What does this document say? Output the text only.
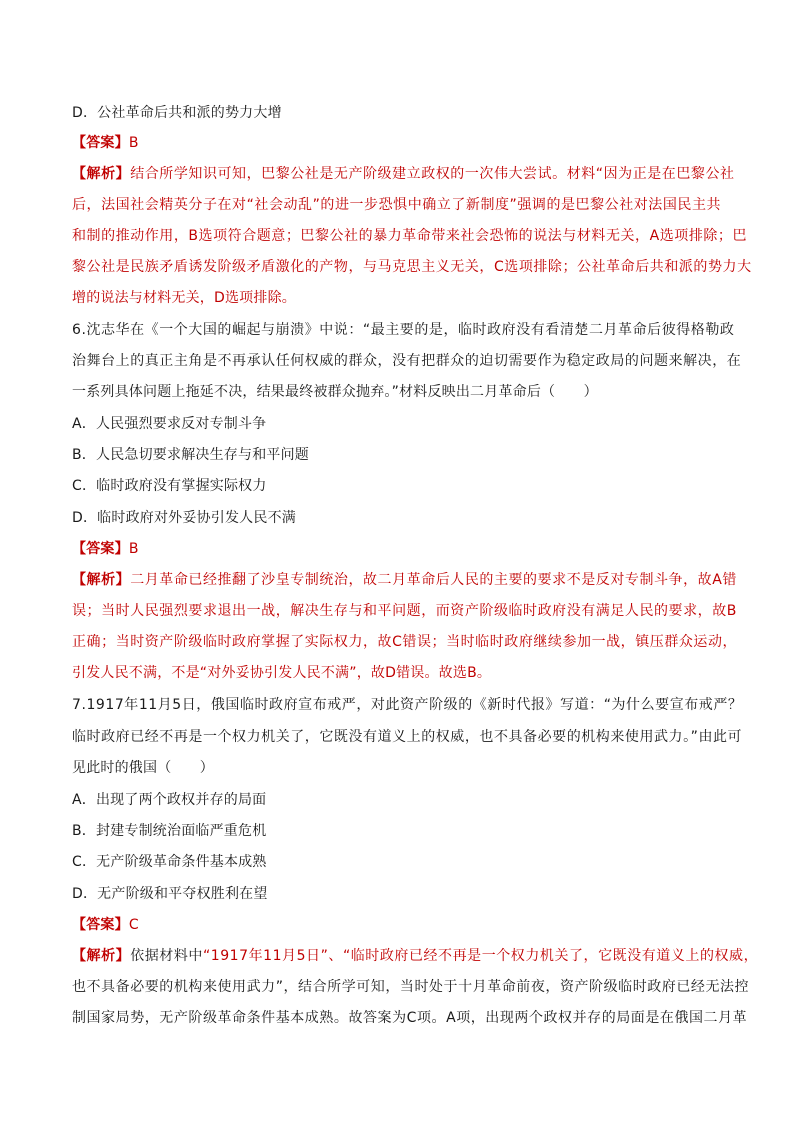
D．公社革命后共和派的势力大增
【答案】B
【解析】结合所学知识可知，巴黎公社是无产阶级建立政权的一次伟大尝试。材料“因为正是在巴黎公社
后，法国社会精英分子在对“社会动乱”的进一步恐惧中确立了新制度”强调的是巴黎公社对法国民主共
和制的推动作用，B选项符合题意；巴黎公社的暴力革命带来社会恐怖的说法与材料无关，A选项排除；巴
黎公社是民族矛盾诱发阶级矛盾激化的产物，与马克思主义无关，C选项排除；公社革命后共和派的势力大
增的说法与材料无关，D选项排除。
6.沈志华在《一个大国的崛起与崩溃》中说：“最主要的是，临时政府没有看清楚二月革命后彼得格勒政
治舞台上的真正主角是不再承认任何权威的群众，没有把群众的迫切需要作为稳定政局的问题来解决，在
一系列具体问题上拖延不决，结果最终被群众抛弃。”材料反映出二月革命后（　　）
A．人民强烈要求反对专制斗争
B．人民急切要求解决生存与和平问题
C．临时政府没有掌握实际权力
D．临时政府对外妥协引发人民不满
【答案】B
【解析】二月革命已经推翻了沙皇专制统治，故二月革命后人民的主要的要求不是反对专制斗争，故A错
误；当时人民强烈要求退出一战，解决生存与和平问题，而资产阶级临时政府没有满足人民的要求，故B
正确；当时资产阶级临时政府掌握了实际权力，故C错误；当时临时政府继续参加一战，镇压群众运动，
引发人民不满，不是“对外妥协引发人民不满”，故D错误。故选B。
7.1917年11月5日，俄国临时政府宣布戒严，对此资产阶级的《新时代报》写道：“为什么要宣布戒严？
临时政府已经不再是一个权力机关了，它既没有道义上的权威，也不具备必要的机构来使用武力。”由此可
见此时的俄国（　　）
A．出现了两个政权并存的局面
B．封建专制统治面临严重危机
C．无产阶级革命条件基本成熟
D．无产阶级和平夺权胜利在望
【答案】C
【解析】依据材料中“1917年11月5日”、“临时政府已经不再是一个权力机关了，它既没有道义上的权威，
也不具备必要的机构来使用武力”，结合所学可知，当时处于十月革命前夜，资产阶级临时政府已经无法控
制国家局势，无产阶级革命条件基本成熟。故答案为C项。A项，出现两个政权并存的局面是在俄国二月革
